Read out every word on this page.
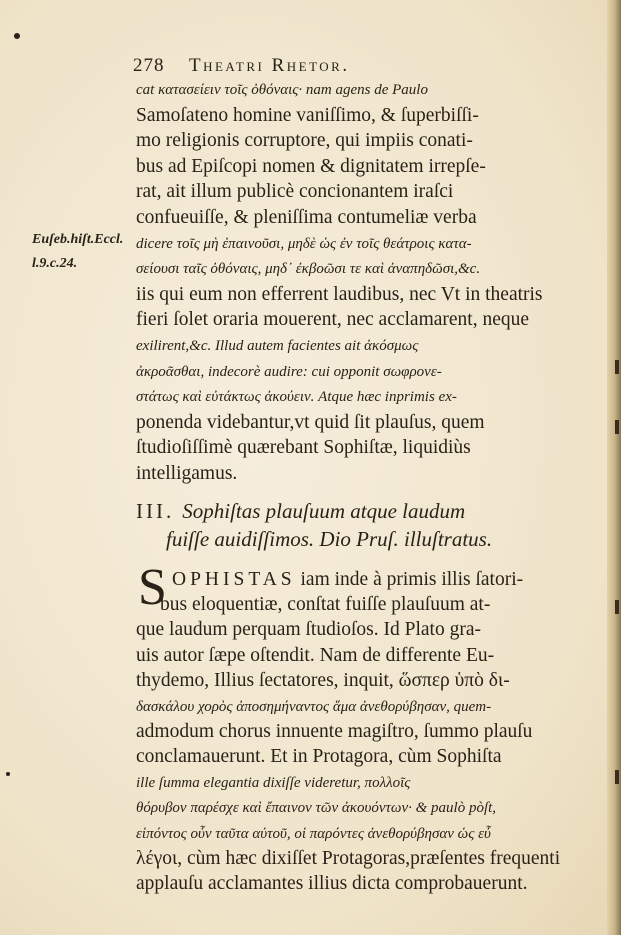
278 Theatri Rhetor.
Euſeb.hiſt.Eccl.
l.9.c.24.
cat κατασείειν τοῖς ὀθόναις· nam agens de Paulo
Samoſateno homine vaniſſimo, & ſuperbiſſi-
mo religionis corruptore, qui impiis conati-
bus ad Epiſcopi nomen & dignitatem irrepſe-
rat, ait illum publicè concionantem iraſci
confueuiſſe, & pleniſſima contumeliæ verba
dicere τοῖς μὴ ἐπαινοῦσι, μηδὲ ὡς ἐν τοῖς θεάτροις κατα-
σείουσι ταῖς ὀθόναις, μηδ᾽ ἐκβοῶσι τε καὶ ἀναπηδῶσι,&c.
iis qui eum non efferrent laudibus, nec Vt in theatris
fieri ſolet oraria mouerent, nec acclamarent, neque
exilirent,&c. Illud autem facientes ait ἀκόσμως
ἀκροᾶσθαι, indecorè audire: cui opponit σωφρονε-
στάτως καὶ εὐτάκτως ἀκούειν. Atque hæc inprimis ex-
ponenda videbantur,vt quid ſit plauſus, quem
ſtudioſiſſimè quærebant Sophiſtæ, liquidiùs
intelligamus.
III. Sophiſtas plauſuum atque laudum
fuiſſe auidiſſimos. Dio Pruſ. illuſtratus.
S OPHISTAS iam inde à primis illis ſatori-
bus eloquentiæ, conſtat fuiſſe plauſuum at-
que laudum perquam ſtudioſos. Id Plato gra-
uis autor ſæpe oſtendit. Nam de differente Eu-
thydemo, Illius ſectatores, inquit, ὥσπερ ὑπὸ δι-
δασκάλου χορὸς ἀποσημήναντος ἅμα ἀνεθορύβησαν, quem-
admodum chorus innuente magiſtro, ſummo plauſu
conclamauerunt. Et in Protagora, cùm Sophiſta
ille ſumma elegantia dixiſſe videretur, πολλοῖς
θόρυβον παρέσχε καὶ ἔπαινον τῶν ἀκουόντων· & paulò pòſt,
εἰπόντος οὖν ταῦτα αὐτοῦ, οἱ παρόντες ἀνεθορύβησαν ὡς εὖ
λέγοι, cùm hæc dixiſſet Protagoras,præſentes frequenti
applauſu acclamantes illius dicta comprobauerunt.
